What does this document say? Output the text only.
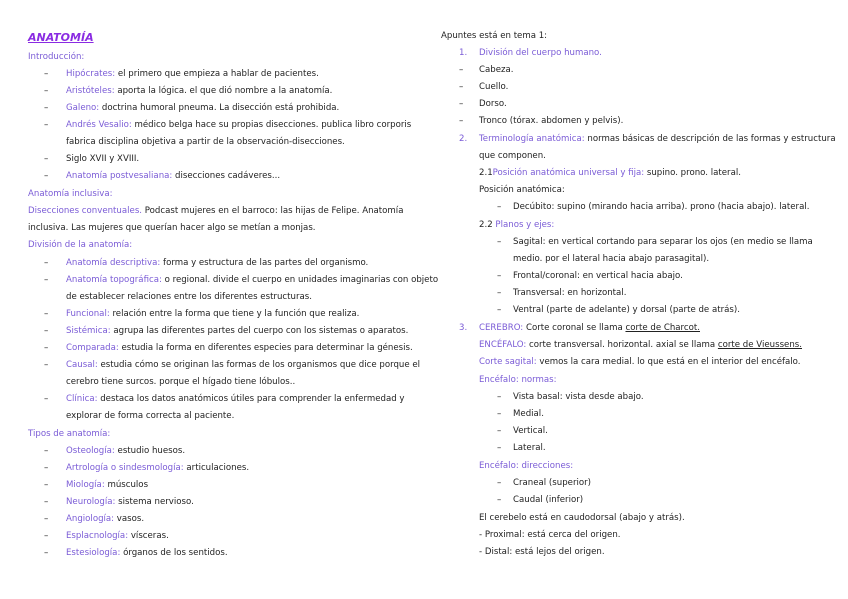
ANATOMÍA
Introducción:
– Hipócrates: el primero que empieza a hablar de pacientes.
– Aristóteles: aporta la lógica. el que dió nombre a la anatomía.
– Galeno: doctrina humoral pneuma. La disección está prohibida.
– Andrés Vesalio: médico belga hace su propias disecciones. publica libro corporis
fabrica disciplina objetiva a partir de la observación-disecciones.
– Siglo XVII y XVIII.
– Anatomía postvesaliana: disecciones cadáveres...
Anatomía inclusiva:
Disecciones conventuales. Podcast mujeres en el barroco: las hijas de Felipe. Anatomía
inclusiva. Las mujeres que querían hacer algo se metían a monjas.
División de la anatomía:
– Anatomía descriptiva: forma y estructura de las partes del organismo.
– Anatomía topográfica: o regional. divide el cuerpo en unidades imaginarias con objeto
de establecer relaciones entre los diferentes estructuras.
– Funcional: relación entre la forma que tiene y la función que realiza.
– Sistémica: agrupa las diferentes partes del cuerpo con los sistemas o aparatos.
– Comparada: estudia la forma en diferentes especies para determinar la génesis.
– Causal: estudia cómo se originan las formas de los organismos que dice porque el
cerebro tiene surcos. porque el hígado tiene lóbulos..
– Clínica: destaca los datos anatómicos útiles para comprender la enfermedad y
explorar de forma correcta al paciente.
Tipos de anatomía:
– Osteología: estudio huesos.
– Artrología o sindesmología: articulaciones.
– Miología: músculos
– Neurología: sistema nervioso.
– Angiología: vasos.
– Esplacnología: vísceras.
– Estesiología: órganos de los sentidos.
Apuntes está en tema 1:
1. División del cuerpo humano.
– Cabeza.
– Cuello.
– Dorso.
– Tronco (tórax. abdomen y pelvis).
2. Terminología anatómica: normas básicas de descripción de las formas y estructura
que componen.
2.1Posición anatómica universal y fija: supino. prono. lateral.
Posición anatómica:
– Decúbito: supino (mirando hacia arriba). prono (hacia abajo). lateral.
2.2 Planos y ejes:
– Sagital: en vertical cortando para separar los ojos (en medio se llama
medio. por el lateral hacia abajo parasagital).
– Frontal/coronal: en vertical hacia abajo.
– Transversal: en horizontal.
– Ventral (parte de adelante) y dorsal (parte de atrás).
3. CEREBRO: Corte coronal se llama corte de Charcot.
ENCÉFALO: corte transversal. horizontal. axial se llama corte de Vieussens.
Corte sagital: vemos la cara medial. lo que está en el interior del encéfalo.
Encéfalo: normas:
– Vista basal: vista desde abajo.
– Medial.
– Vertical.
– Lateral.
Encéfalo: direcciones:
– Craneal (superior)
– Caudal (inferior)
El cerebelo está en caudodorsal (abajo y atrás).
- Proximal: está cerca del origen.
- Distal: está lejos del origen.
